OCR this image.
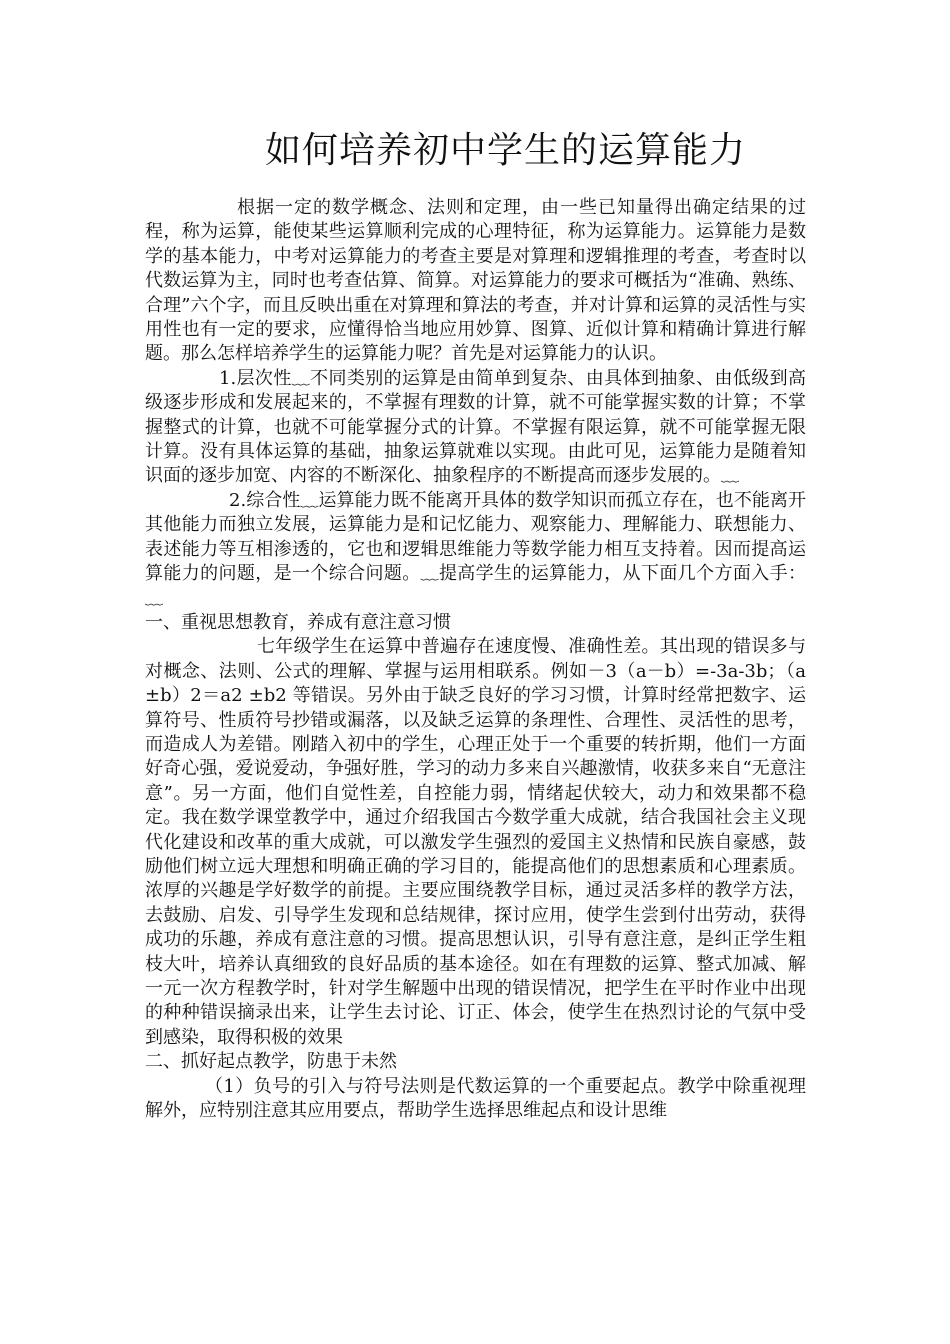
如何培养初中学生的运算能力

根据一定的数学概念、法则和定理，由一些已知量得出确定结果的过程，称为运算，能使某些运算顺利完成的心理特征，称为运算能力。运算能力是数学的基本能力，中考对运算能力的考查主要是对算理和逻辑推理的考查，考查时以代数运算为主，同时也考查估算、简算。对运算能力的要求可概括为“准确、熟练、合理”六个字，而且反映出重在对算理和算法的考查，并对计算和运算的灵活性与实用性也有一定的要求，应懂得恰当地应用妙算、图算、近似计算和精确计算进行解题。那么怎样培养学生的运算能力呢？首先是对运算能力的认识。

1.层次性﹏不同类别的运算是由简单到复杂、由具体到抽象、由低级到高级逐步形成和发展起来的，不掌握有理数的计算，就不可能掌握实数的计算；不掌握整式的计算，也就不可能掌握分式的计算。不掌握有限运算，就不可能掌握无限计算。没有具体运算的基础，抽象运算就难以实现。由此可见，运算能力是随着知识面的逐步加宽、内容的不断深化、抽象程序的不断提高而逐步发展的。﹏

2.综合性﹏运算能力既不能离开具体的数学知识而孤立存在，也不能离开其他能力而独立发展，运算能力是和记忆能力、观察能力、理解能力、联想能力、表述能力等互相渗透的，它也和逻辑思维能力等数学能力相互支持着。因而提高运算能力的问题，是一个综合问题。﹏提高学生的运算能力，从下面几个方面入手：﹏

一、重视思想教育，养成有意注意习惯

七年级学生在运算中普遍存在速度慢、准确性差。其出现的错误多与对概念、法则、公式的理解、掌握与运用相联系。例如－3（a－b）=-3a-3b；（a±b）2＝a2 ±b2 等错误。另外由于缺乏良好的学习习惯，计算时经常把数字、运算符号、性质符号抄错或漏落，以及缺乏运算的条理性、合理性、灵活性的思考，而造成人为差错。刚踏入初中的学生，心理正处于一个重要的转折期，他们一方面好奇心强，爱说爱动，争强好胜，学习的动力多来自兴趣激情，收获多来自“无意注意”。另一方面，他们自觉性差，自控能力弱，情绪起伏较大，动力和效果都不稳定。我在数学课堂教学中，通过介绍我国古今数学重大成就，结合我国社会主义现代化建设和改革的重大成就，可以激发学生强烈的爱国主义热情和民族自豪感，鼓励他们树立远大理想和明确正确的学习目的，能提高他们的思想素质和心理素质。浓厚的兴趣是学好数学的前提。主要应围绕教学目标，通过灵活多样的教学方法，去鼓励、启发、引导学生发现和总结规律，探讨应用，使学生尝到付出劳动，获得成功的乐趣，养成有意注意的习惯。提高思想认识，引导有意注意，是纠正学生粗枝大叶，培养认真细致的良好品质的基本途径。如在有理数的运算、整式加减、解一元一次方程教学时，针对学生解题中出现的错误情况，把学生在平时作业中出现的种种错误摘录出来，让学生去讨论、订正、体会，使学生在热烈讨论的气氛中受到感染，取得积极的效果

二、抓好起点教学，防患于未然

（1）负号的引入与符号法则是代数运算的一个重要起点。教学中除重视理解外，应特别注意其应用要点，帮助学生选择思维起点和设计思维
